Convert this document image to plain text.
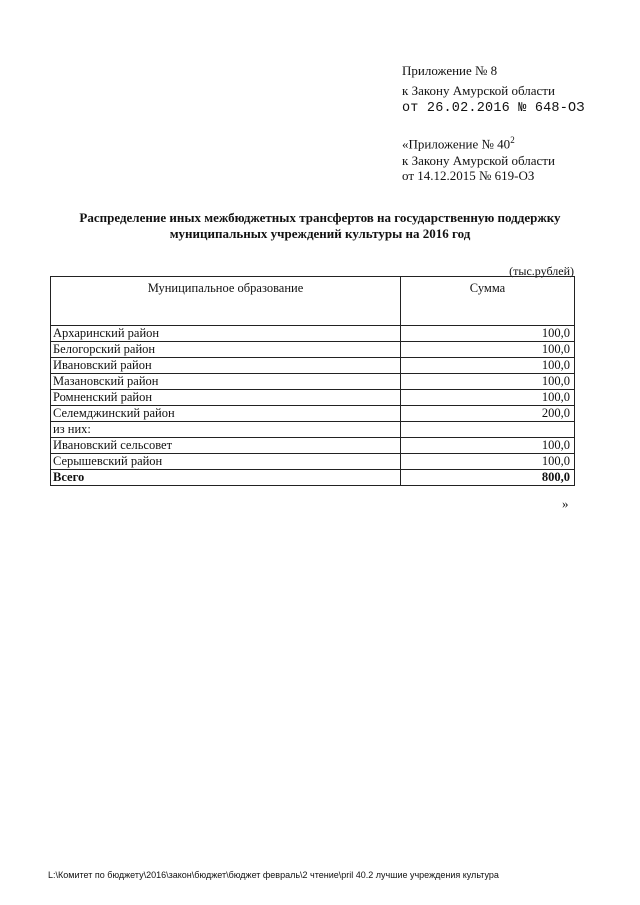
Приложение № 8
к Закону Амурской области
от 26.02.2016 № 648-ОЗ
«Приложение № $40^2$
к Закону Амурской области
от 14.12.2015 № 619-ОЗ
Распределение иных межбюджетных трансфертов на государственную поддержку
муниципальных учреждений культуры на 2016 год
(тыс.рублей)
Муниципальное образование	Сумма
Архаринский район	100,0
Белогорский район	100,0
Ивановский район	100,0
Мазановский район	100,0
Ромненский район	100,0
Селемджинский район	200,0
из них:	
Ивановский сельсовет	100,0
Серышевский район	100,0
Всего	800,0
»
L:\Комитет по бюджету\2016\закон\бюджет\бюджет февраль\2 чтение\pril 40.2 лучшие учреждения культура
